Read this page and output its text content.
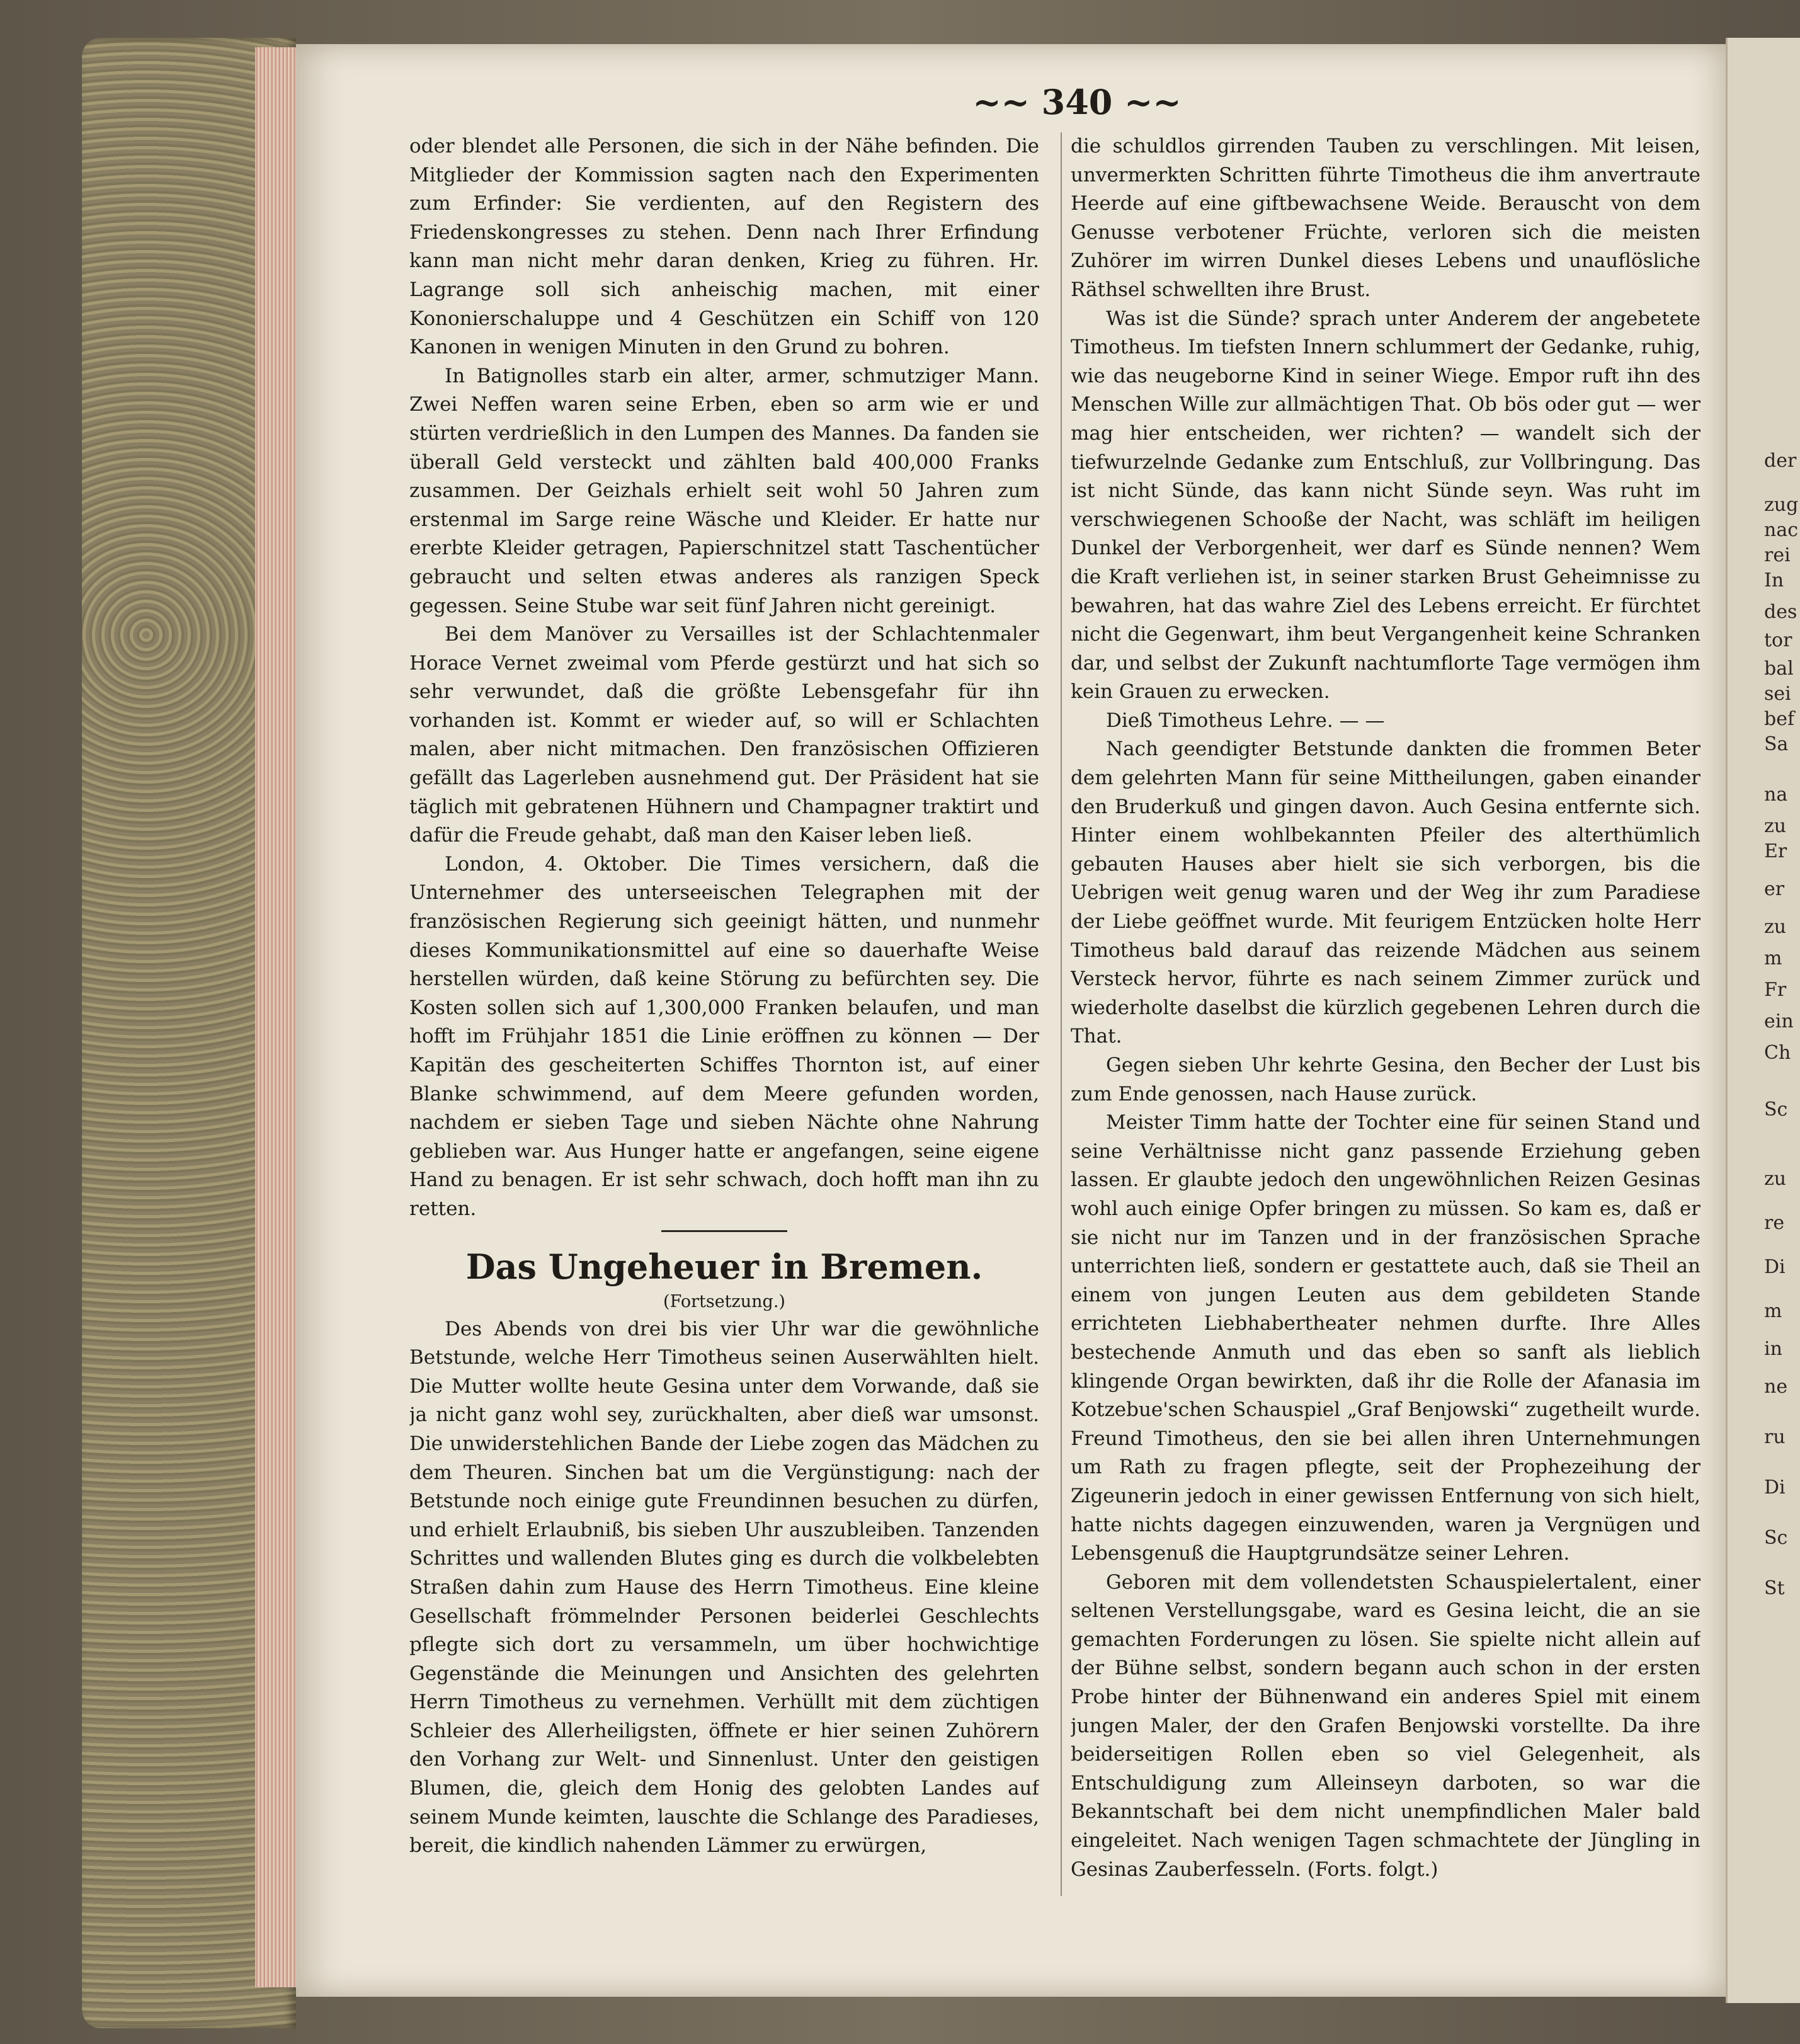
der
zug
nac
rei
In
des
tor
bal
sei
bef
Sa
na
zu
Er
er
zu
m
Fr
ein
Ch
Sc
zu
re
Di
m
in
ne
ru
Di
Sc
St
~~ 340 ~~

oder blendet alle Personen, die sich in der Nähe befinden. Die Mitglieder der Kommission sagten nach den Experimenten zum Erfinder: Sie verdienten, auf den Registern des Friedenskongresses zu stehen. Denn nach Ihrer Erfindung kann man nicht mehr daran denken, Krieg zu führen. Hr. Lagrange soll sich anheischig machen, mit einer Kononierschaluppe und 4 Geschützen ein Schiff von 120 Kanonen in wenigen Minuten in den Grund zu bohren.

In Batignolles starb ein alter, armer, schmutziger Mann. Zwei Neffen waren seine Erben, eben so arm wie er und stürten verdrießlich in den Lumpen des Mannes. Da fanden sie überall Geld versteckt und zählten bald 400,000 Franks zusammen. Der Geizhals erhielt seit wohl 50 Jahren zum erstenmal im Sarge reine Wäsche und Kleider. Er hatte nur ererbte Kleider getragen, Papierschnitzel statt Taschentücher gebraucht und selten etwas anderes als ranzigen Speck gegessen. Seine Stube war seit fünf Jahren nicht gereinigt.

Bei dem Manöver zu Versailles ist der Schlachtenmaler Horace Vernet zweimal vom Pferde gestürzt und hat sich so sehr verwundet, daß die größte Lebensgefahr für ihn vorhanden ist. Kommt er wieder auf, so will er Schlachten malen, aber nicht mitmachen. Den französischen Offizieren gefällt das Lagerleben ausnehmend gut. Der Präsident hat sie täglich mit gebratenen Hühnern und Champagner traktirt und dafür die Freude gehabt, daß man den Kaiser leben ließ.

London, 4. Oktober. Die Times versichern, daß die Unternehmer des unterseeischen Telegraphen mit der französischen Regierung sich geeinigt hätten, und nunmehr dieses Kommunikationsmittel auf eine so dauerhafte Weise herstellen würden, daß keine Störung zu befürchten sey. Die Kosten sollen sich auf 1,300,000 Franken belaufen, und man hofft im Frühjahr 1851 die Linie eröffnen zu können — Der Kapitän des gescheiterten Schiffes Thornton ist, auf einer Blanke schwimmend, auf dem Meere gefunden worden, nachdem er sieben Tage und sieben Nächte ohne Nahrung geblieben war. Aus Hunger hatte er angefangen, seine eigene Hand zu benagen. Er ist sehr schwach, doch hofft man ihn zu retten.

Das Ungeheuer in Bremen.

(Fortsetzung.)

Des Abends von drei bis vier Uhr war die gewöhnliche Betstunde, welche Herr Timotheus seinen Auserwählten hielt. Die Mutter wollte heute Gesina unter dem Vorwande, daß sie ja nicht ganz wohl sey, zurückhalten, aber dieß war umsonst. Die unwiderstehlichen Bande der Liebe zogen das Mädchen zu dem Theuren. Sinchen bat um die Vergünstigung: nach der Betstunde noch einige gute Freundinnen besuchen zu dürfen, und erhielt Erlaubniß, bis sieben Uhr auszubleiben. Tanzenden Schrittes und wallenden Blutes ging es durch die volkbelebten Straßen dahin zum Hause des Herrn Timotheus. Eine kleine Gesellschaft frömmelnder Personen beiderlei Geschlechts pflegte sich dort zu versammeln, um über hochwichtige Gegenstände die Meinungen und Ansichten des gelehrten Herrn Timotheus zu vernehmen. Verhüllt mit dem züchtigen Schleier des Allerheiligsten, öffnete er hier seinen Zuhörern den Vorhang zur Welt- und Sinnenlust. Unter den geistigen Blumen, die, gleich dem Honig des gelobten Landes auf seinem Munde keimten, lauschte die Schlange des Paradieses, bereit, die kindlich nahenden Lämmer zu erwürgen,

die schuldlos girrenden Tauben zu verschlingen. Mit leisen, unvermerkten Schritten führte Timotheus die ihm anvertraute Heerde auf eine giftbewachsene Weide. Berauscht von dem Genusse verbotener Früchte, verloren sich die meisten Zuhörer im wirren Dunkel dieses Lebens und unauflösliche Räthsel schwellten ihre Brust.

Was ist die Sünde? sprach unter Anderem der angebetete Timotheus. Im tiefsten Innern schlummert der Gedanke, ruhig, wie das neugeborne Kind in seiner Wiege. Empor ruft ihn des Menschen Wille zur allmächtigen That. Ob bös oder gut — wer mag hier entscheiden, wer richten? — wandelt sich der tiefwurzelnde Gedanke zum Entschluß, zur Vollbringung. Das ist nicht Sünde, das kann nicht Sünde seyn. Was ruht im verschwiegenen Schooße der Nacht, was schläft im heiligen Dunkel der Verborgenheit, wer darf es Sünde nennen? Wem die Kraft verliehen ist, in seiner starken Brust Geheimnisse zu bewahren, hat das wahre Ziel des Lebens erreicht. Er fürchtet nicht die Gegenwart, ihm beut Vergangenheit keine Schranken dar, und selbst der Zukunft nachtumflorte Tage vermögen ihm kein Grauen zu erwecken.

Dieß Timotheus Lehre. — —

Nach geendigter Betstunde dankten die frommen Beter dem gelehrten Mann für seine Mittheilungen, gaben einander den Bruderkuß und gingen davon. Auch Gesina entfernte sich. Hinter einem wohlbekannten Pfeiler des alterthümlich gebauten Hauses aber hielt sie sich verborgen, bis die Uebrigen weit genug waren und der Weg ihr zum Paradiese der Liebe geöffnet wurde. Mit feurigem Entzücken holte Herr Timotheus bald darauf das reizende Mädchen aus seinem Versteck hervor, führte es nach seinem Zimmer zurück und wiederholte daselbst die kürzlich gegebenen Lehren durch die That.

Gegen sieben Uhr kehrte Gesina, den Becher der Lust bis zum Ende genossen, nach Hause zurück.

Meister Timm hatte der Tochter eine für seinen Stand und seine Verhältnisse nicht ganz passende Erziehung geben lassen. Er glaubte jedoch den ungewöhnlichen Reizen Gesinas wohl auch einige Opfer bringen zu müssen. So kam es, daß er sie nicht nur im Tanzen und in der französischen Sprache unterrichten ließ, sondern er gestattete auch, daß sie Theil an einem von jungen Leuten aus dem gebildeten Stande errichteten Liebhabertheater nehmen durfte. Ihre Alles bestechende Anmuth und das eben so sanft als lieblich klingende Organ bewirkten, daß ihr die Rolle der Afanasia im Kotzebue'schen Schauspiel „Graf Benjowski“ zugetheilt wurde. Freund Timotheus, den sie bei allen ihren Unternehmungen um Rath zu fragen pflegte, seit der Prophezeihung der Zigeunerin jedoch in einer gewissen Entfernung von sich hielt, hatte nichts dagegen einzuwenden, waren ja Vergnügen und Lebensgenuß die Hauptgrundsätze seiner Lehren.

Geboren mit dem vollendetsten Schauspielertalent, einer seltenen Verstellungsgabe, ward es Gesina leicht, die an sie gemachten Forderungen zu lösen. Sie spielte nicht allein auf der Bühne selbst, sondern begann auch schon in der ersten Probe hinter der Bühnenwand ein anderes Spiel mit einem jungen Maler, der den Grafen Benjowski vorstellte. Da ihre beiderseitigen Rollen eben so viel Gelegenheit, als Entschuldigung zum Alleinseyn darboten, so war die Bekanntschaft bei dem nicht unempfindlichen Maler bald eingeleitet. Nach wenigen Tagen schmachtete der Jüngling in Gesinas Zauberfesseln. (Forts. folgt.)
